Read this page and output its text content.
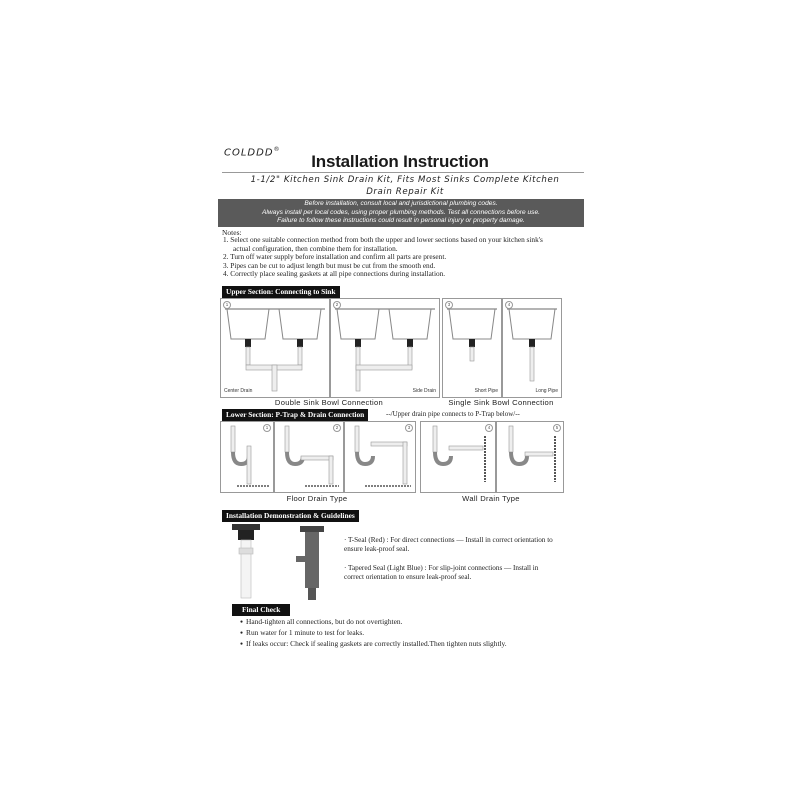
COLDDD®
Installation Instruction
1-1/2" Kitchen Sink Drain Kit, Fits Most Sinks Complete Kitchen
Drain Repair Kit
Before installation, consult local and jurisdictional plumbing codes.
Always install per local codes, using proper plumbing methods. Test all connections before use.
Failure to follow these instructions could result in personal injury or property damage.
Notes:
1. Select one suitable connection method from both the upper and lower sections based on your kitchen sink's actual configuration, then combine them for installation.
2. Turn off water supply before installation and confirm all parts are present.
3. Pipes can be cut to adjust length but must be cut from the smooth end.
4. Correctly place sealing gaskets at all pipe connections during installation.
Upper Section: Connecting to Sink
Center Drain
1
Side Drain
2
Short Pipe
3
Long Pipe
4
Double Sink Bowl Connection	Single Sink Bowl Connection
Lower Section: P-Trap & Drain Connection	--/Upper drain pipe connects to P-Trap below/--
1	2	3	4	5
Floor Drain Type	Wall Drain Type
Installation Demonstration & Guidelines
· T-Seal (Red) : For direct connections — Install in correct orientation to ensure leak-proof seal.
· Tapered Seal (Light Blue) : For slip-joint connections — Install in correct orientation to ensure leak-proof seal.
Final Check
● Hand-tighten all connections, but do not overtighten.
● Run water for 1 minute to test for leaks.
● If leaks occur: Check if sealing gaskets are correctly installed.Then tighten nuts slightly.
